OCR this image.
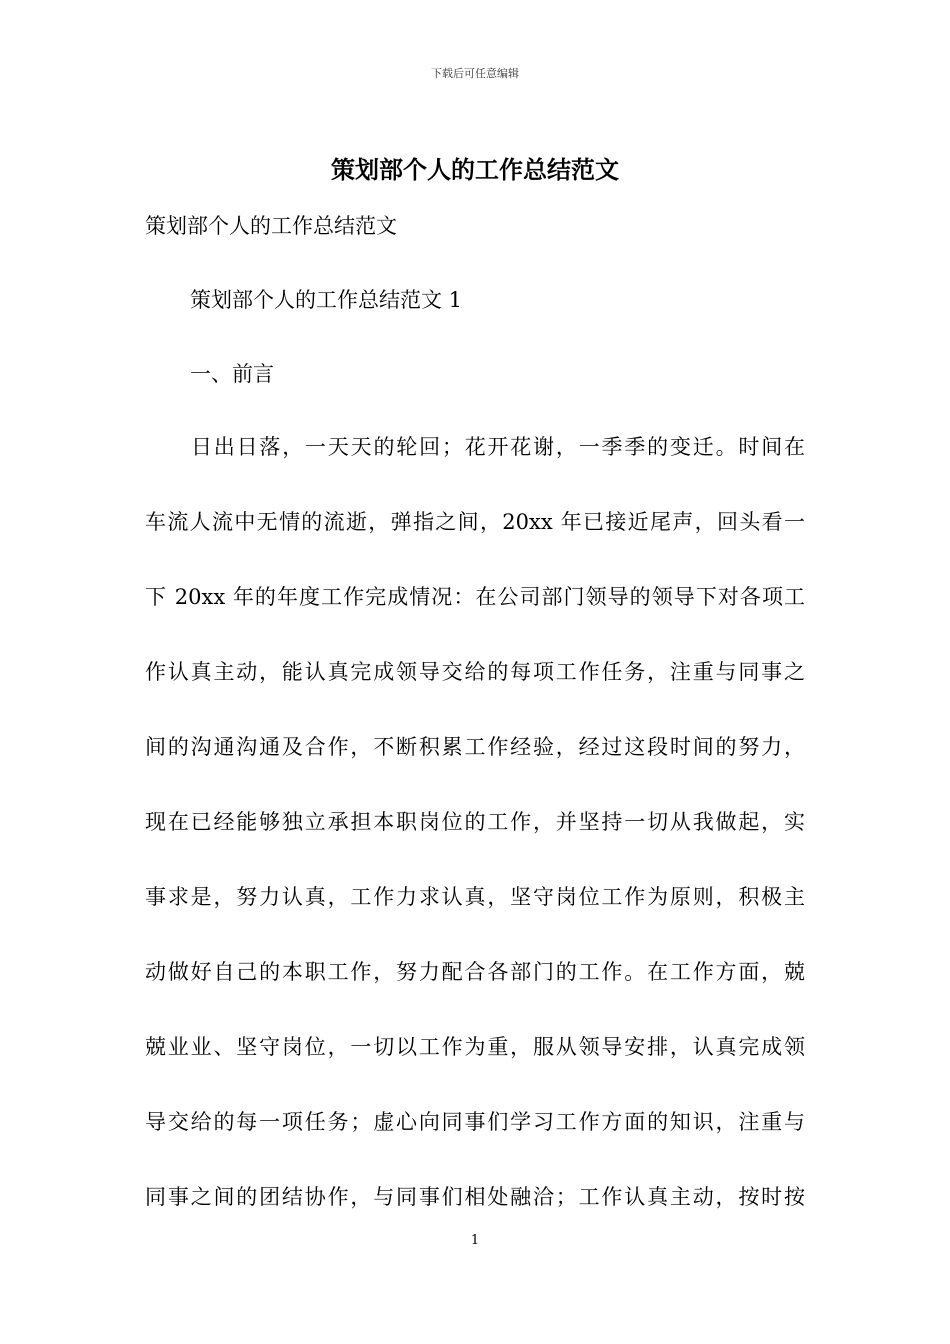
下载后可任意编辑
策划部个人的工作总结范文

策划部个人的工作总结范文

策划部个人的工作总结范文 1

一、前言

日出日落，一天天的轮回；花开花谢，一季季的变迁。时间在
车流人流中无情的流逝，弹指之间，20xx 年已接近尾声，回头看一
下 20xx 年的年度工作完成情况：在公司部门领导的领导下对各项工
作认真主动，能认真完成领导交给的每项工作任务，注重与同事之
间的沟通沟通及合作，不断积累工作经验，经过这段时间的努力，
现在已经能够独立承担本职岗位的工作，并坚持一切从我做起，实
事求是，努力认真，工作力求认真，坚守岗位工作为原则，积极主
动做好自己的本职工作，努力配合各部门的工作。在工作方面，兢
兢业业、坚守岗位，一切以工作为重，服从领导安排，认真完成领
导交给的每一项任务；虚心向同事们学习工作方面的知识，注重与
同事之间的团结协作，与同事们相处融洽；工作认真主动，按时按
1
